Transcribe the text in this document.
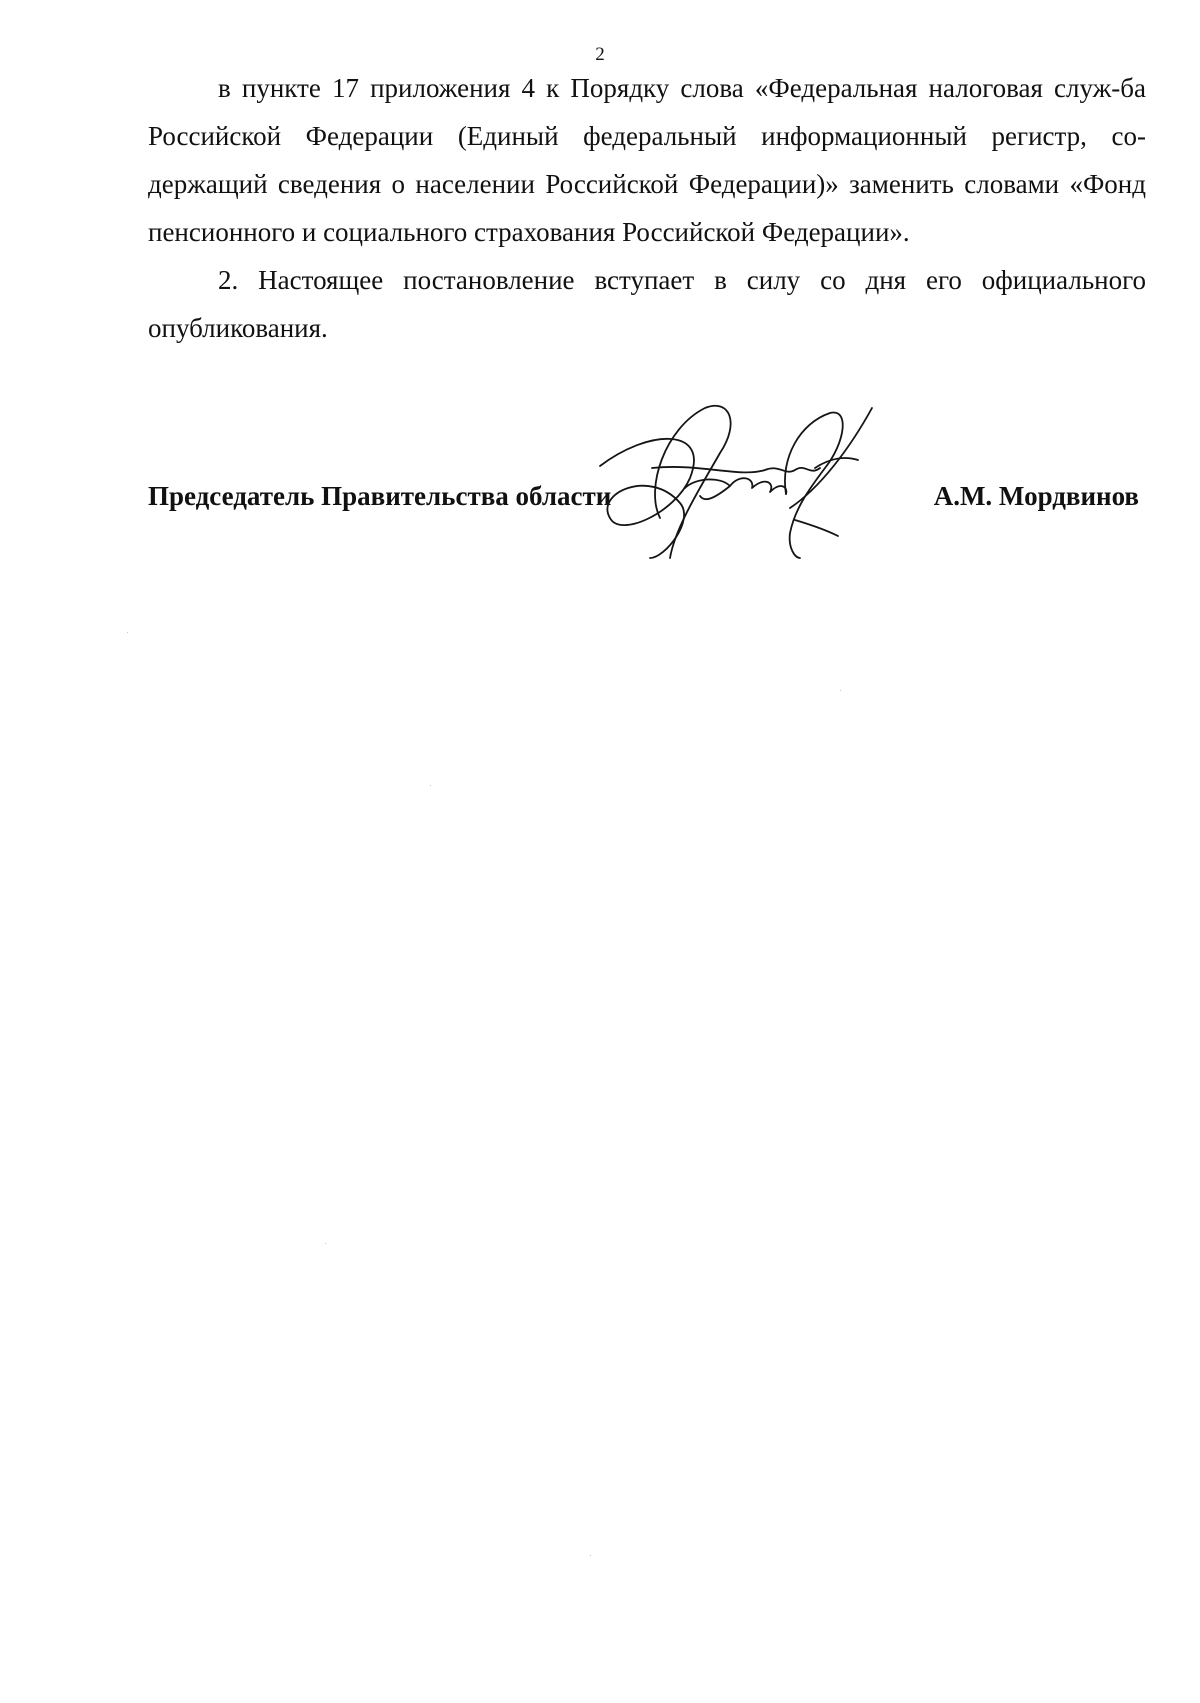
2

в пункте 17 приложения 4 к Порядку слова «Федеральная налоговая служ-ба Российской Федерации (Единый федеральный информационный регистр, со-держащий сведения о населении Российской Федерации)» заменить словами «Фонд пенсионного и социального страхования Российской Федерации».

2. Настоящее постановление вступает в силу со дня его официального опубликования.

Председатель Правительства области	А.М. Мордвинов
